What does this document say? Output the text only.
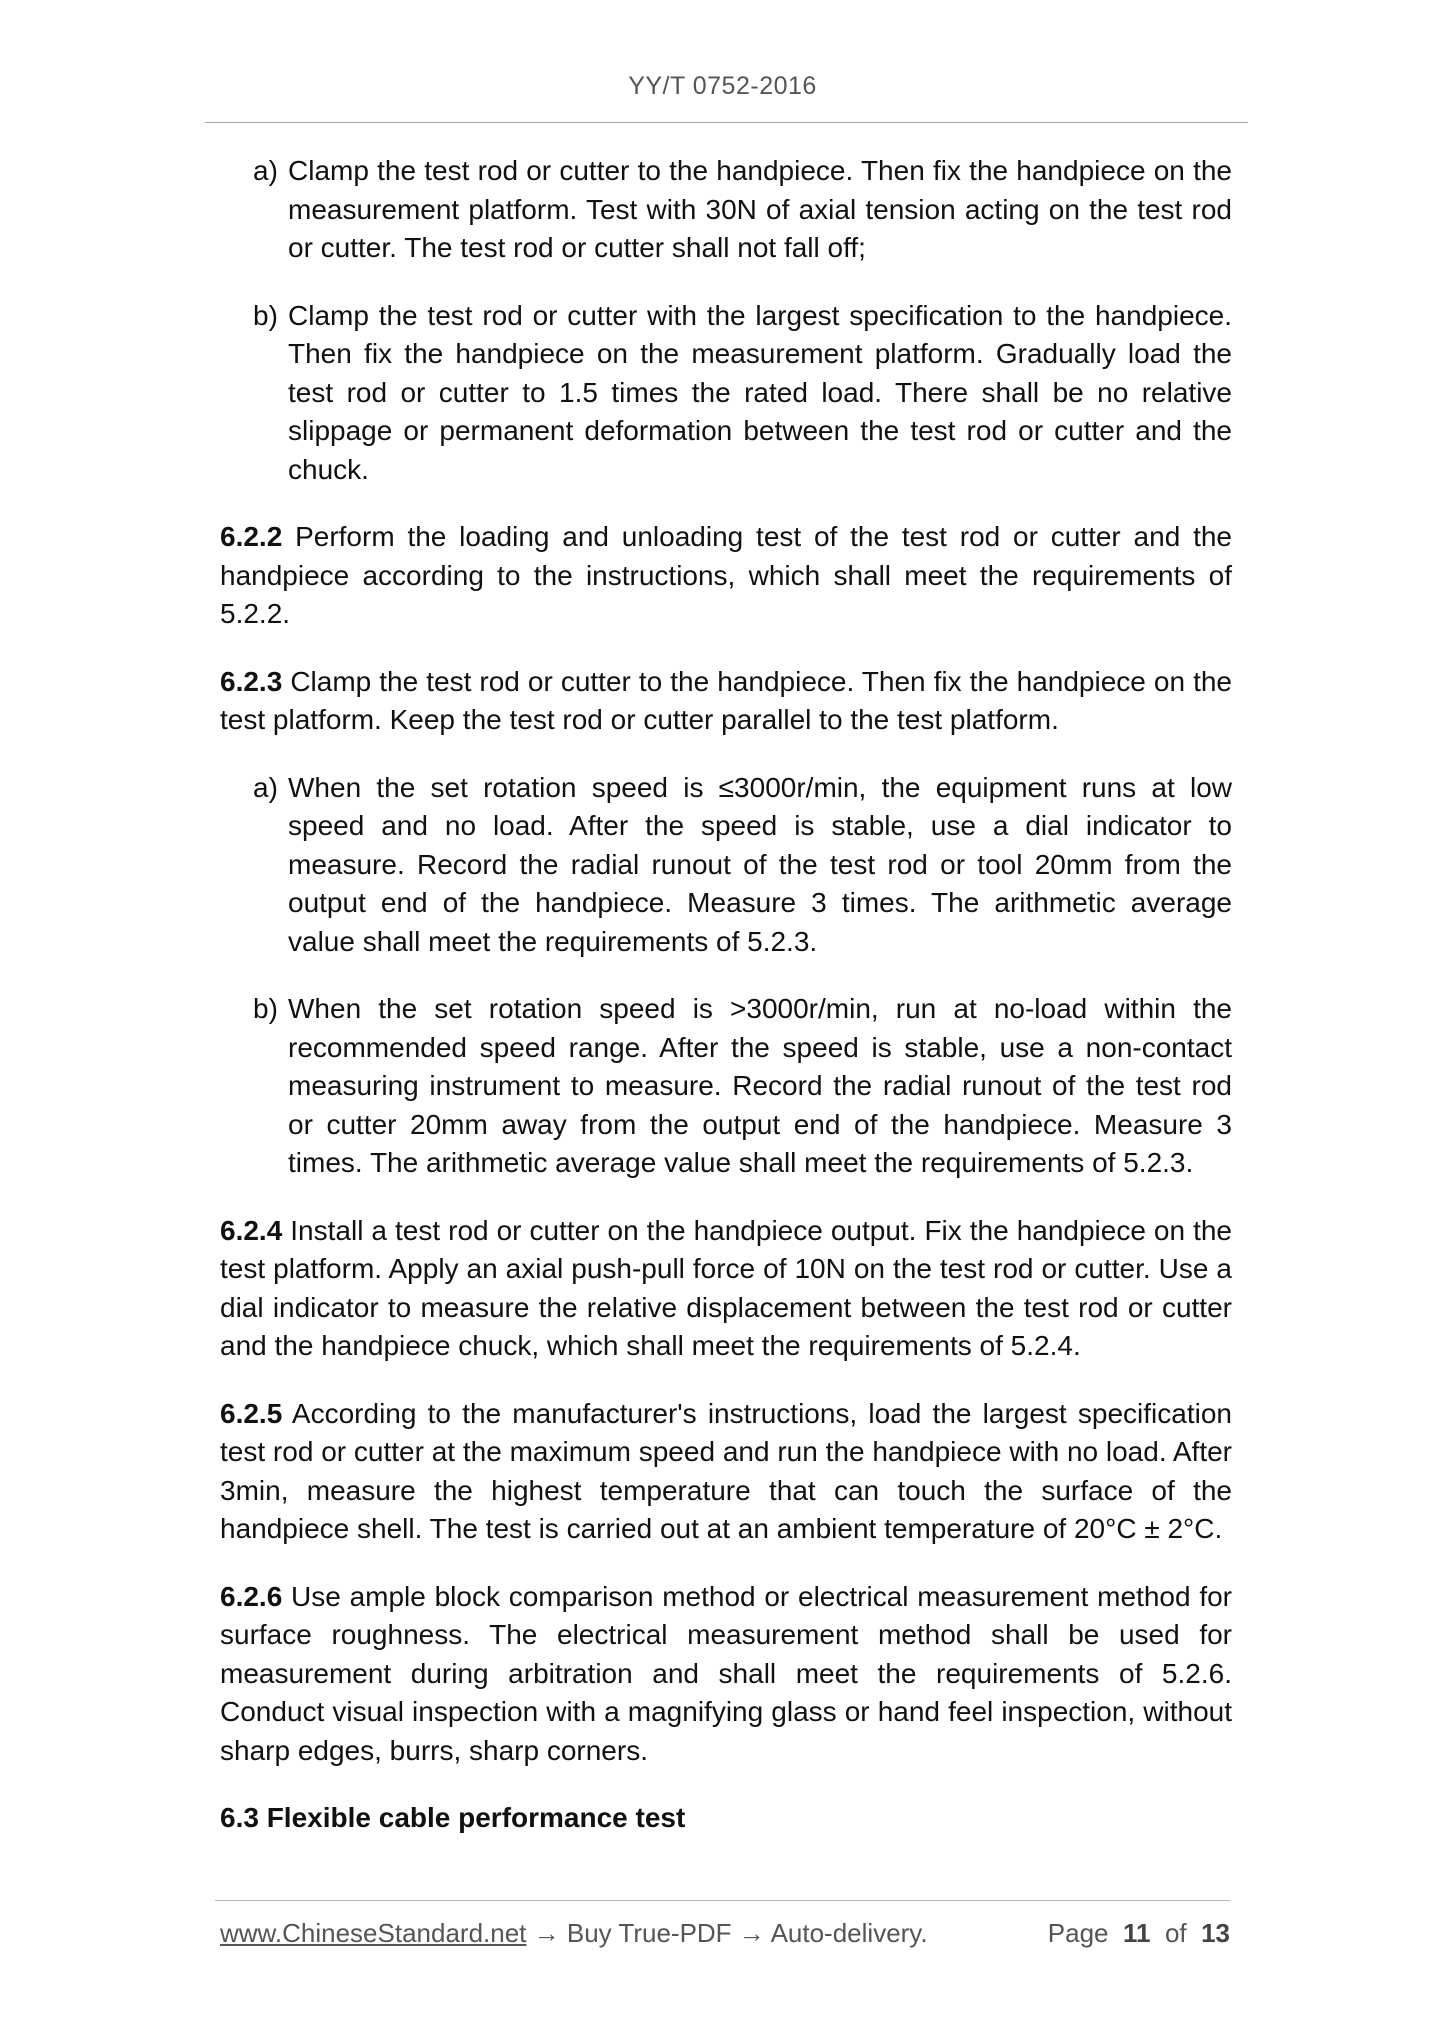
YY/T 0752-2016
a) Clamp the test rod or cutter to the handpiece. Then fix the handpiece on the measurement platform. Test with 30N of axial tension acting on the test rod or cutter. The test rod or cutter shall not fall off;
b) Clamp the test rod or cutter with the largest specification to the handpiece. Then fix the handpiece on the measurement platform. Gradually load the test rod or cutter to 1.5 times the rated load. There shall be no relative slippage or permanent deformation between the test rod or cutter and the chuck.

6.2.2 Perform the loading and unloading test of the test rod or cutter and the handpiece according to the instructions, which shall meet the requirements of 5.2.2.

6.2.3 Clamp the test rod or cutter to the handpiece. Then fix the handpiece on the test platform. Keep the test rod or cutter parallel to the test platform.

a) When the set rotation speed is ≤3000r/min, the equipment runs at low speed and no load. After the speed is stable, use a dial indicator to measure. Record the radial runout of the test rod or tool 20mm from the output end of the handpiece. Measure 3 times. The arithmetic average value shall meet the requirements of 5.2.3.
b) When the set rotation speed is >3000r/min, run at no-load within the recommended speed range. After the speed is stable, use a non-contact measuring instrument to measure. Record the radial runout of the test rod or cutter 20mm away from the output end of the handpiece. Measure 3 times. The arithmetic average value shall meet the requirements of 5.2.3.

6.2.4 Install a test rod or cutter on the handpiece output. Fix the handpiece on the test platform. Apply an axial push-pull force of 10N on the test rod or cutter. Use a dial indicator to measure the relative displacement between the test rod or cutter and the handpiece chuck, which shall meet the requirements of 5.2.4.

6.2.5 According to the manufacturer's instructions, load the largest specification test rod or cutter at the maximum speed and run the handpiece with no load. After 3min, measure the highest temperature that can touch the surface of the handpiece shell. The test is carried out at an ambient temperature of 20°C ± 2°C.

6.2.6 Use ample block comparison method or electrical measurement method for surface roughness. The electrical measurement method shall be used for measurement during arbitration and shall meet the requirements of 5.2.6. Conduct visual inspection with a magnifying glass or hand feel inspection, without sharp edges, burrs, sharp corners.

6.3 Flexible cable performance test
www.ChineseStandard.net → Buy True-PDF → Auto-delivery.	Page 11 of 13
